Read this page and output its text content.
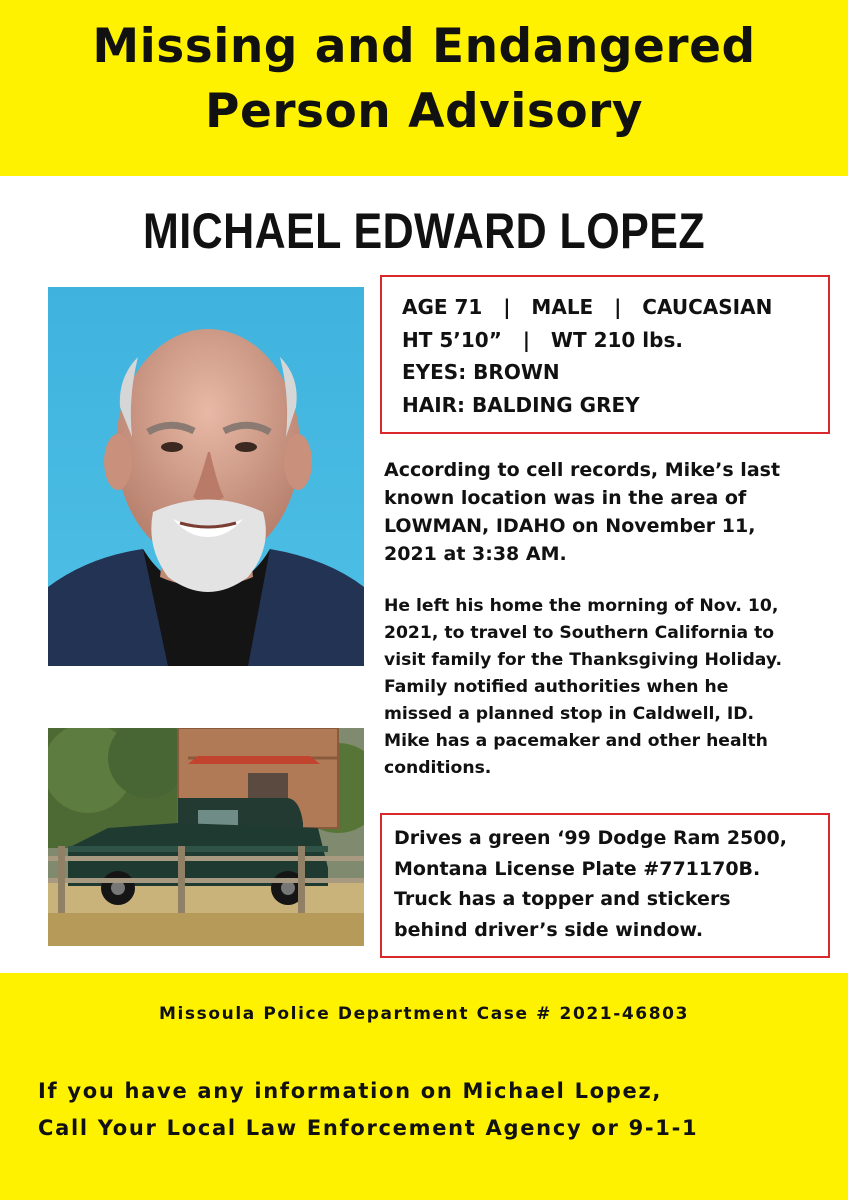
Missing and Endangered
Person Advisory
MICHAEL EDWARD LOPEZ
AGE 71   |   MALE   |   CAUCASIAN
HT 5’10”   |   WT 210 lbs.
EYES: BROWN
HAIR: BALDING GREY
According to cell records, Mike’s last
known location was in the area of
LOWMAN, IDAHO on November 11,
2021 at 3:38 AM.
He left his home the morning of Nov. 10,
2021, to travel to Southern California to
visit family for the Thanksgiving Holiday.
Family notified authorities when he
missed a planned stop in Caldwell, ID.
Mike has a pacemaker and other health
conditions.
Drives a green ‘99 Dodge Ram 2500,
Montana License Plate #771170B.
Truck has a topper and stickers
behind driver’s side window.
Missoula Police Department Case # 2021-46803
If you have any information on Michael Lopez,
Call Your Local Law Enforcement Agency or 9-1-1
